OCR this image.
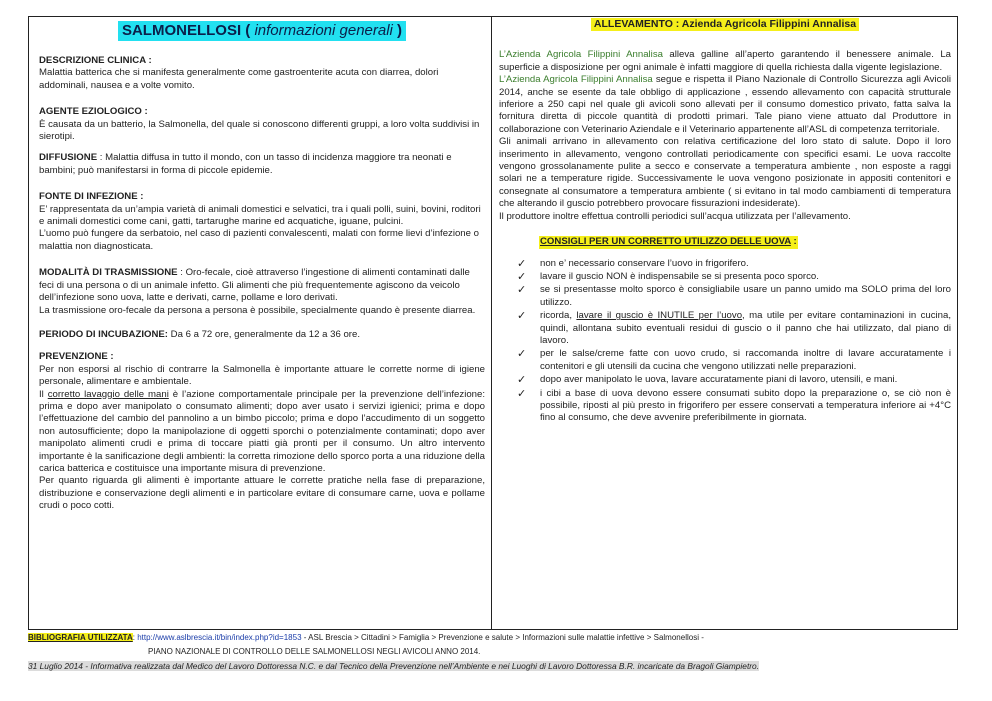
SALMONELLOSI ( informazioni generali )

DESCRIZIONE CLINICA :

Malattia batterica che si manifesta generalmente come gastroenterite acuta con diarrea, dolori addominali, nausea e a volte vomito.

AGENTE EZIOLOGICO :

È causata da un batterio, la Salmonella, del quale si conoscono differenti gruppi, a loro volta suddivisi in sierotipi.

DIFFUSIONE : Malattia diffusa in tutto il mondo, con un tasso di incidenza maggiore tra neonati e bambini; può manifestarsi in forma di piccole epidemie.

FONTE DI INFEZIONE :

E’ rappresentata da un’ampia varietà di animali domestici e selvatici, tra i quali polli, suini, bovini, roditori e animali domestici come cani, gatti, tartarughe marine ed acquatiche, iguane, pulcini.

L’uomo può fungere da serbatoio, nel caso di pazienti convalescenti, malati con forme lievi d’infezione o malattia non diagnosticata.

MODALITÀ DI TRASMISSIONE : Oro-fecale, cioè attraverso l’ingestione di alimenti contaminati dalle feci di una persona o di un animale infetto. Gli alimenti che più frequentemente agiscono da veicolo dell’infezione sono uova, latte e derivati, carne, pollame e loro derivati.

La trasmissione oro-fecale da persona a persona è possibile, specialmente quando è presente diarrea.

PERIODO DI INCUBAZIONE: Da 6 a 72 ore, generalmente da 12 a 36 ore.

PREVENZIONE :

Per non esporsi al rischio di contrarre la Salmonella è importante attuare le corrette norme di igiene personale, alimentare e ambientale.

Il corretto lavaggio delle mani è l’azione comportamentale principale per la prevenzione dell’infezione: prima e dopo aver manipolato o consumato alimenti; dopo aver usato i servizi igienici; prima e dopo l’effettuazione del cambio del pannolino a un bimbo piccolo; prima e dopo l’accudimento di un soggetto non autosufficiente; dopo la manipolazione di oggetti sporchi o potenzialmente contaminati; dopo aver manipolato alimenti crudi e prima di toccare piatti già pronti per il consumo. Un altro intervento importante è la sanificazione degli ambienti: la corretta rimozione dello sporco porta a una riduzione della carica batterica e costituisce una importante misura di prevenzione.

Per quanto riguarda gli alimenti è importante attuare le corrette pratiche nella fase di preparazione, distribuzione e conservazione degli alimenti e in particolare evitare di consumare carne, uova e pollame crudi o poco cotti.

ALLEVAMENTO : Azienda Agricola Filippini Annalisa

L’Azienda Agricola Filippini Annalisa alleva galline all’aperto garantendo il benessere animale. La superficie a disposizione per ogni animale è infatti maggiore di quella richiesta dalla vigente legislazione.

L’Azienda Agricola Filippini Annalisa segue e rispetta il Piano Nazionale di Controllo Sicurezza agli Avicoli 2014, anche se esente da tale obbligo di applicazione , essendo allevamento con capacità strutturale inferiore a 250 capi nel quale gli avicoli sono allevati per il consumo domestico privato, fatta salva la fornitura diretta di piccole quantità di prodotti primari. Tale piano viene attuato dal Produttore in collaborazione con Veterinario Aziendale e il Veterinario appartenente all’ASL di competenza territoriale.

Gli animali arrivano in allevamento con relativa certificazione del loro stato di salute. Dopo il loro inserimento in allevamento, vengono controllati periodicamente con specifici esami. Le uova raccolte vengono grossolanamente pulite a secco e conservate a temperatura ambiente , non esposte a raggi solari ne a temperature rigide. Successivamente le uova vengono posizionate in appositi contenitori e consegnate al consumatore a temperatura ambiente ( si evitano in tal modo cambiamenti di temperatura che alterando il guscio potrebbero provocare fissurazioni indesiderate).

Il produttore inoltre effettua controlli periodici sull’acqua utilizzata per l’allevamento.

CONSIGLI PER UN CORRETTO UTILIZZO DELLE UOVA :
✓ non e’ necessario conservare l’uovo in frigorifero.
✓ lavare il guscio NON è indispensabile se si presenta poco sporco.
✓ se si presentasse molto sporco è consigliabile usare un panno umido ma SOLO prima del loro utilizzo.
✓ ricorda, lavare il guscio è INUTILE per l’uovo, ma utile per evitare contaminazioni in cucina, quindi, allontana subito eventuali residui di guscio o il panno che hai utilizzato, dal piano di lavoro.
✓ per le salse/creme fatte con uovo crudo, si raccomanda inoltre di lavare accuratamente i contenitori e gli utensili da cucina che vengono utilizzati nelle preparazioni.
✓ dopo aver manipolato le uova, lavare accuratamente piani di lavoro, utensili, e mani.
✓ i cibi a base di uova devono essere consumati subito dopo la preparazione o, se ciò non è possibile, riposti al più presto in frigorifero per essere conservati a temperatura inferiore ai +4°C fino al consumo, che deve avvenire preferibilmente in giornata.
BIBLIOGRAFIA UTILIZZATA: http://www.aslbrescia.it/bin/index.php?id=1853 - ASL Brescia > Cittadini > Famiglia > Prevenzione e salute > Informazioni sulle malattie infettive > Salmonellosi -
PIANO NAZIONALE DI CONTROLLO DELLE SALMONELLOSI NEGLI AVICOLI ANNO 2014.
31 Luglio 2014 - Informativa realizzata dal Medico del Lavoro Dottoressa N.C. e dal Tecnico della Prevenzione nell’Ambiente e nei Luoghi di Lavoro Dottoressa B.R. incaricate da Bragoli Giampietro.
